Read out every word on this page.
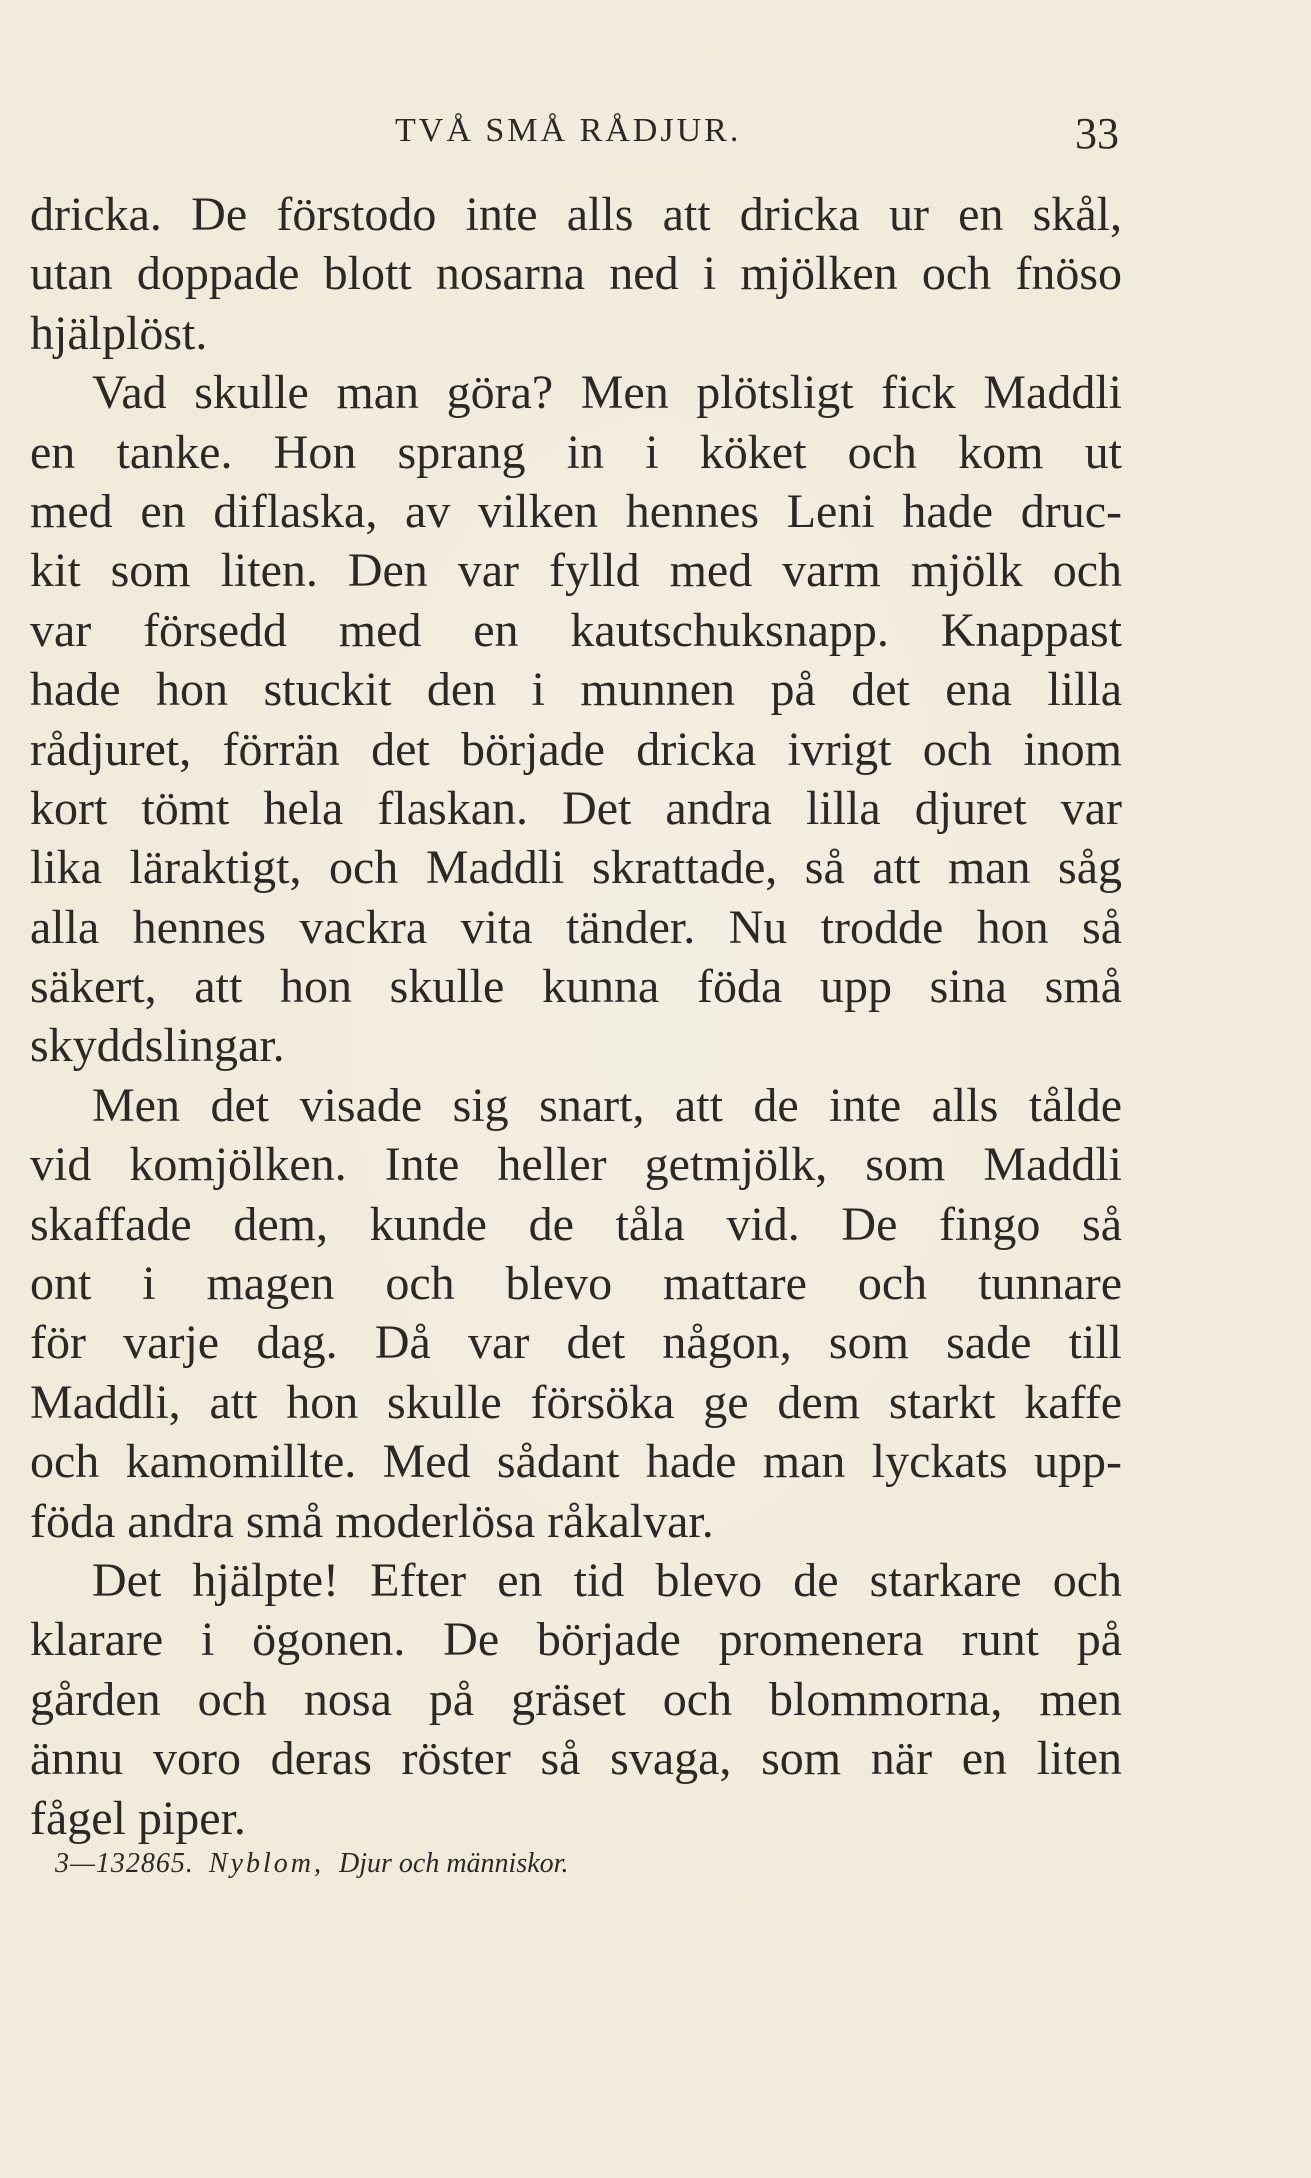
TVÅ SMÅ RÅDJUR.	33
dricka. De förstodo inte alls att dricka ur en skål,
utan doppade blott nosarna ned i mjölken och fnöso
hjälplöst.
Vad skulle man göra? Men plötsligt fick Maddli
en tanke. Hon sprang in i köket och kom ut
med en diflaska, av vilken hennes Leni hade druc-
kit som liten. Den var fylld med varm mjölk och
var försedd med en kautschuksnapp. Knappast
hade hon stuckit den i munnen på det ena lilla
rådjuret, förrän det började dricka ivrigt och inom
kort tömt hela flaskan. Det andra lilla djuret var
lika läraktigt, och Maddli skrattade, så att man såg
alla hennes vackra vita tänder. Nu trodde hon så
säkert, att hon skulle kunna föda upp sina små
skyddslingar.
Men det visade sig snart, att de inte alls tålde
vid komjölken. Inte heller getmjölk, som Maddli
skaffade dem, kunde de tåla vid. De fingo så
ont i magen och blevo mattare och tunnare
för varje dag. Då var det någon, som sade till
Maddli, att hon skulle försöka ge dem starkt kaffe
och kamomillte. Med sådant hade man lyckats upp-
föda andra små moderlösa råkalvar.
Det hjälpte! Efter en tid blevo de starkare och
klarare i ögonen. De började promenera runt på
gården och nosa på gräset och blommorna, men
ännu voro deras röster så svaga, som när en liten
fågel piper.
3—132865. Nyblom, Djur och människor.
